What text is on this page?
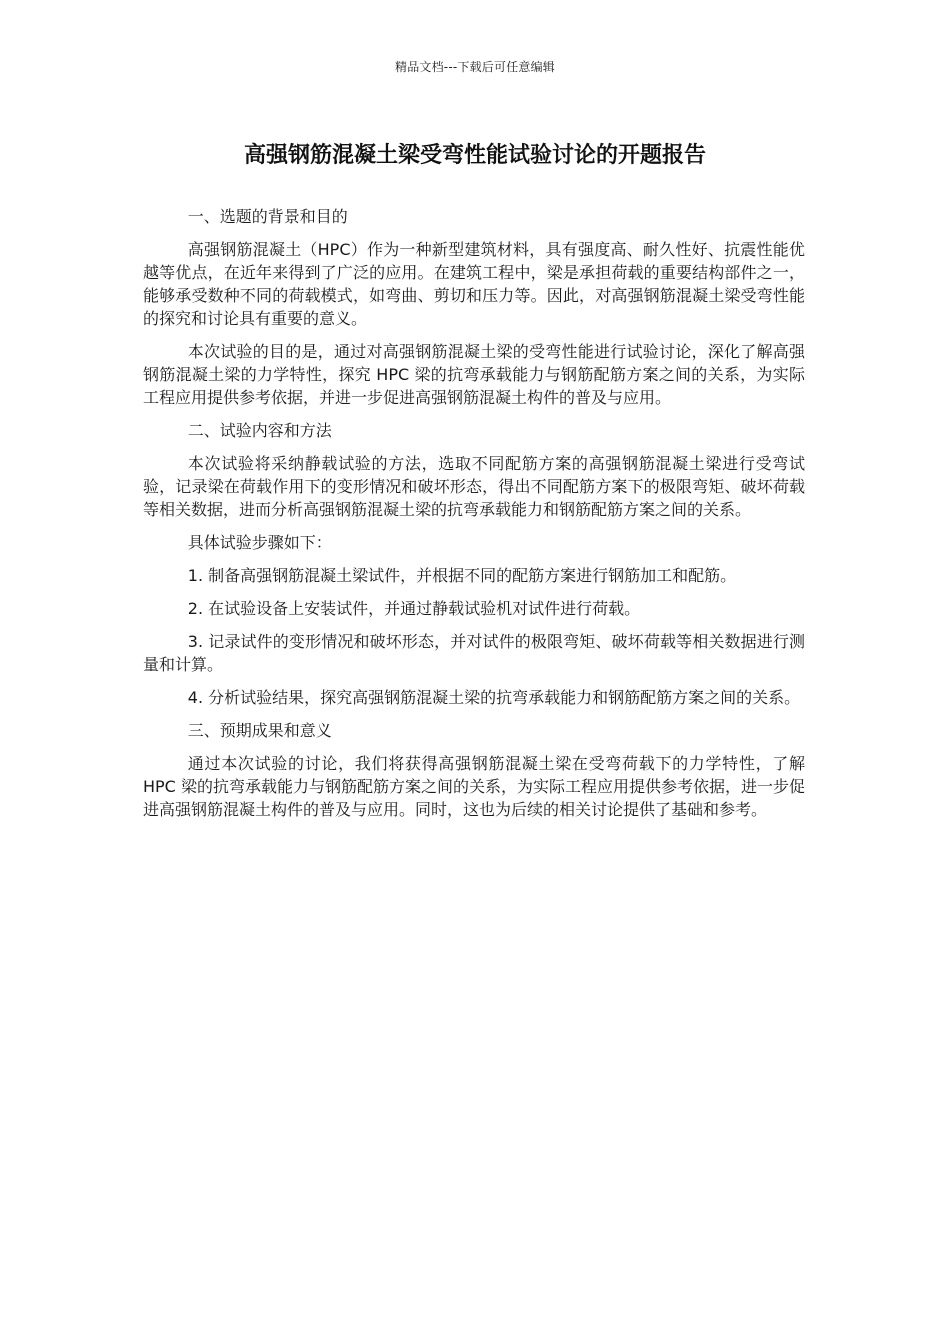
精品文档---下载后可任意编辑
高强钢筋混凝土梁受弯性能试验讨论的开题报告

一、选题的背景和目的

高强钢筋混凝土（HPC）作为一种新型建筑材料，具有强度高、耐久性好、抗震性能优越等优点，在近年来得到了广泛的应用。在建筑工程中，梁是承担荷载的重要结构部件之一，能够承受数种不同的荷载模式，如弯曲、剪切和压力等。因此，对高强钢筋混凝土梁受弯性能的探究和讨论具有重要的意义。

本次试验的目的是，通过对高强钢筋混凝土梁的受弯性能进行试验讨论，深化了解高强钢筋混凝土梁的力学特性，探究 HPC 梁的抗弯承载能力与钢筋配筋方案之间的关系，为实际工程应用提供参考依据，并进一步促进高强钢筋混凝土构件的普及与应用。

二、试验内容和方法

本次试验将采纳静载试验的方法，选取不同配筋方案的高强钢筋混凝土梁进行受弯试验，记录梁在荷载作用下的变形情况和破坏形态，得出不同配筋方案下的极限弯矩、破坏荷载等相关数据，进而分析高强钢筋混凝土梁的抗弯承载能力和钢筋配筋方案之间的关系。

具体试验步骤如下：

1. 制备高强钢筋混凝土梁试件，并根据不同的配筋方案进行钢筋加工和配筋。

2. 在试验设备上安装试件，并通过静载试验机对试件进行荷载。

3. 记录试件的变形情况和破坏形态，并对试件的极限弯矩、破坏荷载等相关数据进行测量和计算。

4. 分析试验结果，探究高强钢筋混凝土梁的抗弯承载能力和钢筋配筋方案之间的关系。

三、预期成果和意义

通过本次试验的讨论，我们将获得高强钢筋混凝土梁在受弯荷载下的力学特性，了解 HPC 梁的抗弯承载能力与钢筋配筋方案之间的关系，为实际工程应用提供参考依据，进一步促进高强钢筋混凝土构件的普及与应用。同时，这也为后续的相关讨论提供了基础和参考。
